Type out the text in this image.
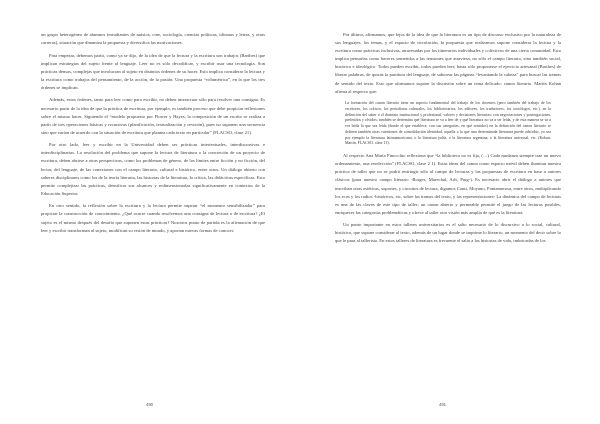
un grupo heterogéneo de alumnos (estudiantes de música, cine, sociología, ciencias políticas, idiomas y letras, y otras carreras), situación que dinamiza la propuesta y diversifica las motivaciones.

Para empezar, debemos partir, como ya se dijo, de la idea de que la lectura y la escritura son trabajos (Barthes) que implican estrategias del sujeto frente al lenguaje. Leer no es sólo decodificar, y escribir usar una tecnología. Son prácticas densas, complejas que involucran al sujeto en distintos órdenes de su hacer. Esto implica considerar la lectura y la escritura como trabajos del pensamiento, de la acción, de la pasión. Una propuesta “volumétrica”, en la que los tres órdenes se implican.

Además, estos órdenes, tanto para leer como para escribir, no deben interactuar sólo para resolver una consigna. Es necesario partir de la idea de que la práctica de escritura, por ejemplo, es también proceso que debe propiciar reflexiones sobre el mismo hacer. Siguiendo el “modelo propuesto por Flower y Hayes, la composición de un escrito se realiza a partir de tres operaciones básicas y recursivas (planificación, textualización y revisión), pues no suponen una secuencia sino que varían de acuerdo con la situación de escritura que plantea cada texto en particular” (FLACSO, clase 21).

Por otro lado, leer y escribir en la Universidad deben ser prácticas intertextuales, interdiscursivas e interdisciplinarias. La resolución del problema que supone la lectura de literatura o la concreción de un proyecto de escritura, deben abrirse a otras perspectivas, como los problemas de género, de los límites entre ficción y no ficción, del lector, del lenguaje, de las conexiones con el campo literario, cultural e histórico, entre otros. Un diálogo abierto con saberes disciplinares como los de la teoría literaria, las historias de la literatura, la crítica, las didácticas específicas. Esto permite complejizar las prácticas, densificar sus alcances y redimensionarlas significativamente en contextos de la Educación Superior.

En otro sentido, la reflexión sobre la escritura y la lectura permite superar “el momento sensibilizador” para propiciar la construcción de conocimiento. ¿Qué ocurre cuando resolvemos una consigna de lectura o de escritura? ¿El sujeto es el mismo después del desafío que suponen estas prácticas? Nosotros punto de partida es la afirmación de que leer y escribir transforman al sujeto, modifican su visión de mundo, y aportan nuevas formas de conocer.

490

Por último, afirmamos, que lejos de la idea de que la literatura es un tipo de discurso exclusivo por la naturaleza de sus lenguajes, los temas, y el espacio de circulación, la propuesta que realizamos supone considerar la lectura y la escritura como prácticas inclusivas, atravesadas por los itinerarios individuales y colectivos de una cierta comunidad. Esto implica pensarlas como haceres sometidos a las tensiones que atraviesa, no sólo el campo literario, sino también social, histórico e ideológico. Todos pueden escribir, todos pueden leer; basta sólo proponerse el ejercicio artesanal (Barthes) de liberar palabras, de quizás la partitura del lenguaje, de saborear las páginas “levantando la cabeza” para buscar las tramas de sentido del texto. Esto que afirmamos supone la discusión sobre un tema delicado: canon literario. Martín Kohan afirma al respecto que:

La formación del canon literario tiene un aspecto fundamental del trabajo de los docentes (pero también del trabajo de los escritores, los críticos, los periodistas culturales, los bibliotecarios, los editores, los traductores, los sociólogos, etc.), en la definición del saber o el dominio institucional y profesional, valores y decisiones literarias; con negociaciones y postergaciones, preferidos y olvidos; también se determina qué literatura se va a leer de y qué literatura no va a ser leída, y de esta manera se va a ver leída la que sea leída (donde el que establece, con sus categorías, en qué sentidos) en la definición del canon literario se definen también otras cuestiones de consolidación identidad, aquella a la que una determinada literatura puede adscribir, ya sea por ejemplo la literatura latinoamericana, o la literatura judía, o la literatura argentina, o la literatura universal, etc. (Kohan, Martín, FLACSO, clase 11).

Al respecto Ana María Finocchio reflexiona que “la biblioteca no es fija, (…) Cada mudanza siempre trae un nuevo ordenamiento, una reselección” (FLACSO, clase 2 1). Estas ideas del canon como espacio móvil deben iluminar nuestra práctica de taller que no se podrá restringir sólo al campo de lecturas y las propuestas de escritura en base a autores clásicos (para nuestro campo literario -Borges, Marechal, Arlt, Puig-). Es necesario abrir el diálogo a autores que inscriban otras estéticas, soportes, y circuitos de lectura, digamos Conti, Moyano, Fontanarrosa, entre otros, multiplicando los ecos y los radios -históricos, etc, sobre las tramas del texto, y las representaciones- La dinámica del campo de lecturas es una de las claves de este tipo de taller; un canon abierto y permeable permite el juego de las lecturas posibles, enriquecer las categorías problemáticas y ofrece al taller otra visión más amplia de qué es la literatura.

Un punto importante en estos talleres universitarios es el salto necesario de lo discursivo a lo social, cultural, histórico, que supone considerar al texto, además de un lugar donde se imprime lo literario, un momento del decir sobre lo que le pasa al tallerista. En estos talleres de literatura es frecuente el salto a las historias de vida, imbricadas de los

491
